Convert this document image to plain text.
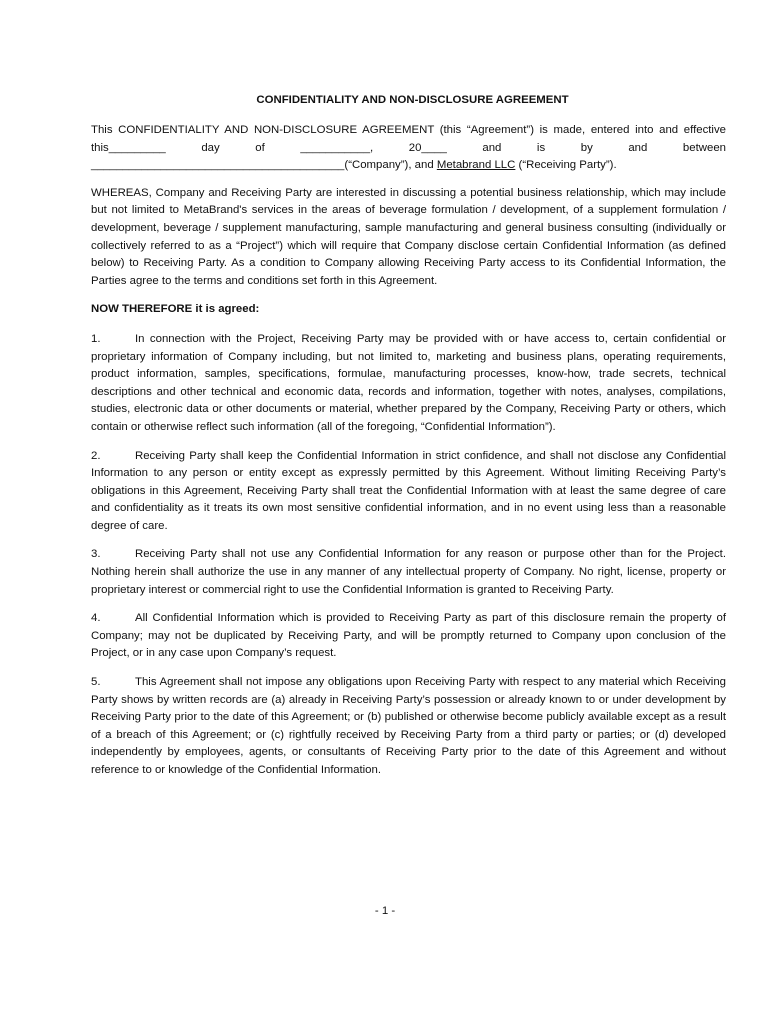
CONFIDENTIALITY AND NON-DISCLOSURE AGREEMENT

This CONFIDENTIALITY AND NON-DISCLOSURE AGREEMENT (this “Agreement”) is made, entered into and effective this_________ day of ___________, 20____ and is by and between ________________________________________(“Company”), and Metabrand LLC (“Receiving Party”).

WHEREAS, Company and Receiving Party are interested in discussing a potential business relationship, which may include but not limited to MetaBrand's services in the areas of beverage formulation / development, of a supplement formulation / development, beverage / supplement manufacturing, sample manufacturing and general business consulting (individually or collectively referred to as a “Project”) which will require that Company disclose certain Confidential Information (as defined below) to Receiving Party. As a condition to Company allowing Receiving Party access to its Confidential Information, the Parties agree to the terms and conditions set forth in this Agreement.

NOW THEREFORE it is agreed:

1.	In connection with the Project, Receiving Party may be provided with or have access to, certain confidential or proprietary information of Company including, but not limited to, marketing and business plans, operating requirements, product information, samples, specifications, formulae, manufacturing processes, know-how, trade secrets, technical descriptions and other technical and economic data, records and information, together with notes, analyses, compilations, studies, electronic data or other documents or material, whether prepared by the Company, Receiving Party or others, which contain or otherwise reflect such information (all of the foregoing, “Confidential Information”).

2.	Receiving Party shall keep the Confidential Information in strict confidence, and shall not disclose any Confidential Information to any person or entity except as expressly permitted by this Agreement. Without limiting Receiving Party’s obligations in this Agreement, Receiving Party shall treat the Confidential Information with at least the same degree of care and confidentiality as it treats its own most sensitive confidential information, and in no event using less than a reasonable degree of care.

3.	Receiving Party shall not use any Confidential Information for any reason or purpose other than for the Project. Nothing herein shall authorize the use in any manner of any intellectual property of Company. No right, license, property or proprietary interest or commercial right to use the Confidential Information is granted to Receiving Party.

4.	All Confidential Information which is provided to Receiving Party as part of this disclosure remain the property of Company; may not be duplicated by Receiving Party, and will be promptly returned to Company upon conclusion of the Project, or in any case upon Company’s request.

5.	This Agreement shall not impose any obligations upon Receiving Party with respect to any material which Receiving Party shows by written records are (a) already in Receiving Party’s possession or already known to or under development by Receiving Party prior to the date of this Agreement; or (b) published or otherwise become publicly available except as a result of a breach of this Agreement; or (c) rightfully received by Receiving Party from a third party or parties; or (d) developed independently by employees, agents, or consultants of Receiving Party prior to the date of this Agreement and without reference to or knowledge of the Confidential Information.

- 1 -
